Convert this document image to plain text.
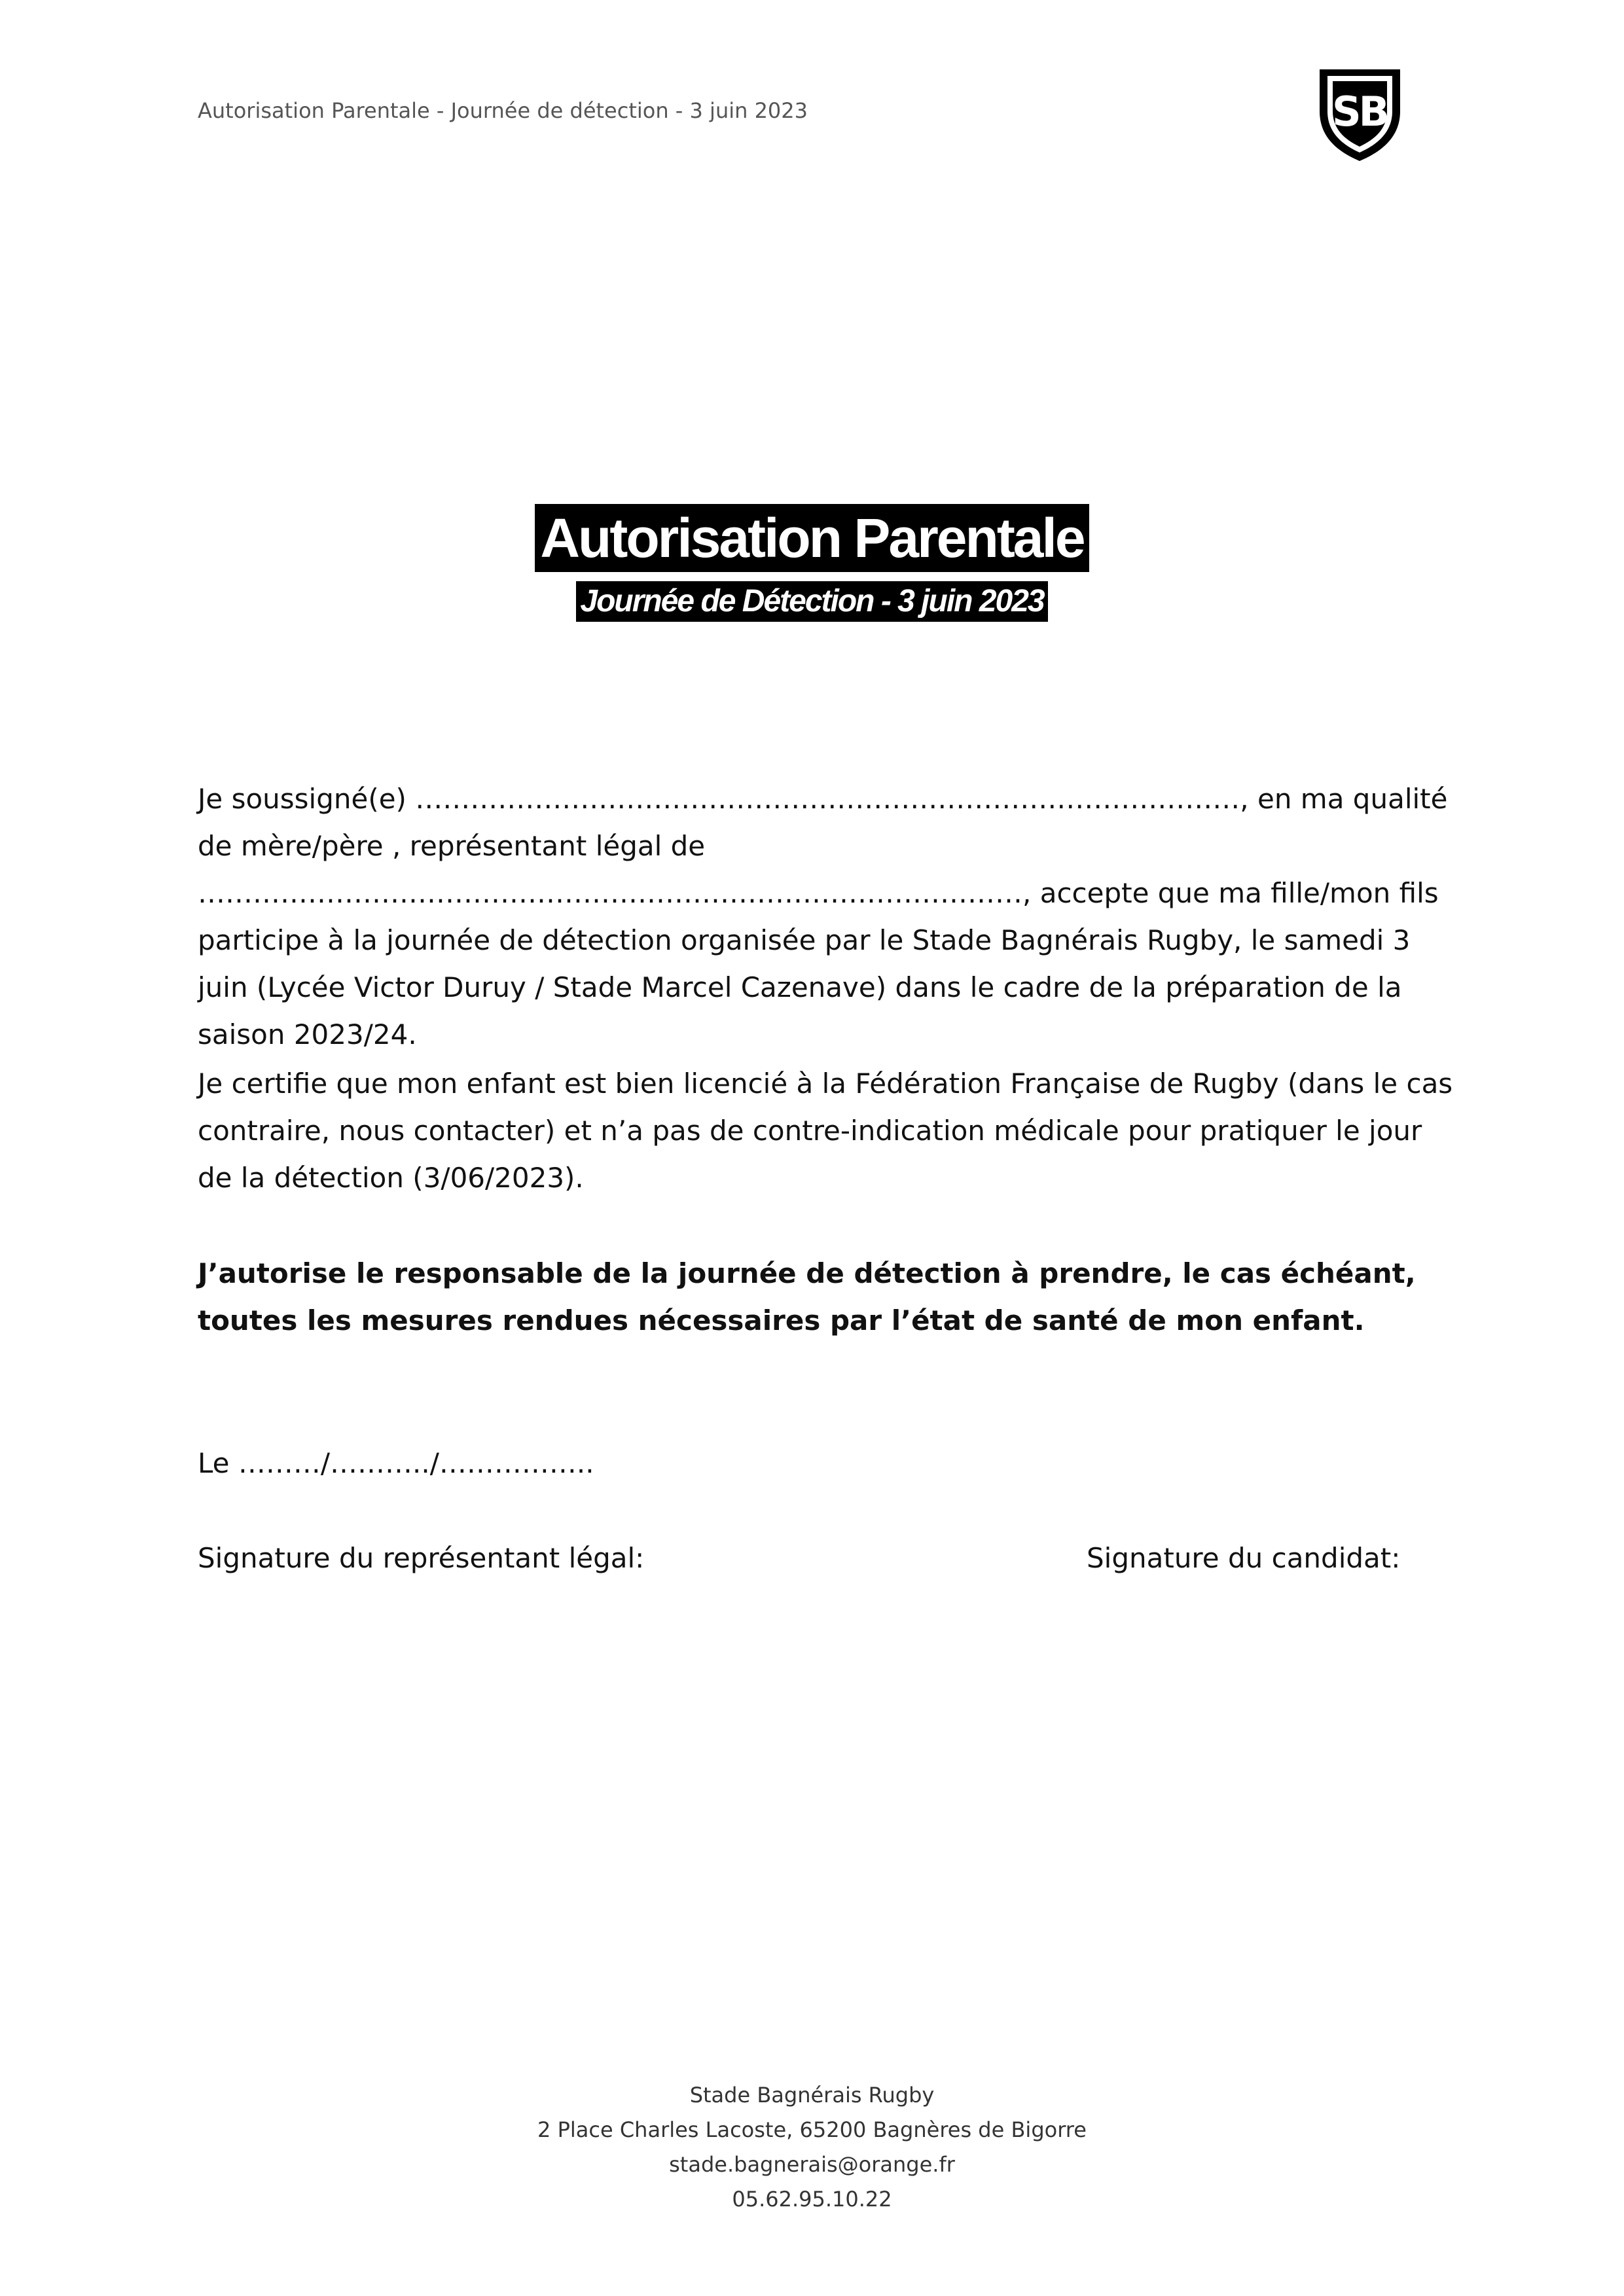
Autorisation Parentale - Journée de détection - 3 juin 2023	SB
Autorisation Parentale
Journée de Détection - 3 juin 2023

Je soussigné(e) ………………………………………………………………………………, en ma qualité de mère/père , représentant légal de ………………………………………………………………………………, accepte que ma fille/mon fils participe à la journée de détection organisée par le Stade Bagnérais Rugby, le samedi 3 juin (Lycée Victor Duruy / Stade Marcel Cazenave) dans le cadre de la préparation de la saison 2023/24.

Je certifie que mon enfant est bien licencié à la Fédération Française de Rugby (dans le cas contraire, nous contacter) et n’a pas de contre-indication médicale pour pratiquer le jour de la détection (3/06/2023).

J’autorise le responsable de la journée de détection à prendre, le cas échéant, toutes les mesures rendues nécessaires par l’état de santé de mon enfant.

Le ………/………../……………..
Signature du représentant légal:	Signature du candidat:
Stade Bagnérais Rugby
2 Place Charles Lacoste, 65200 Bagnères de Bigorre
stade.bagnerais@orange.fr
05.62.95.10.22
